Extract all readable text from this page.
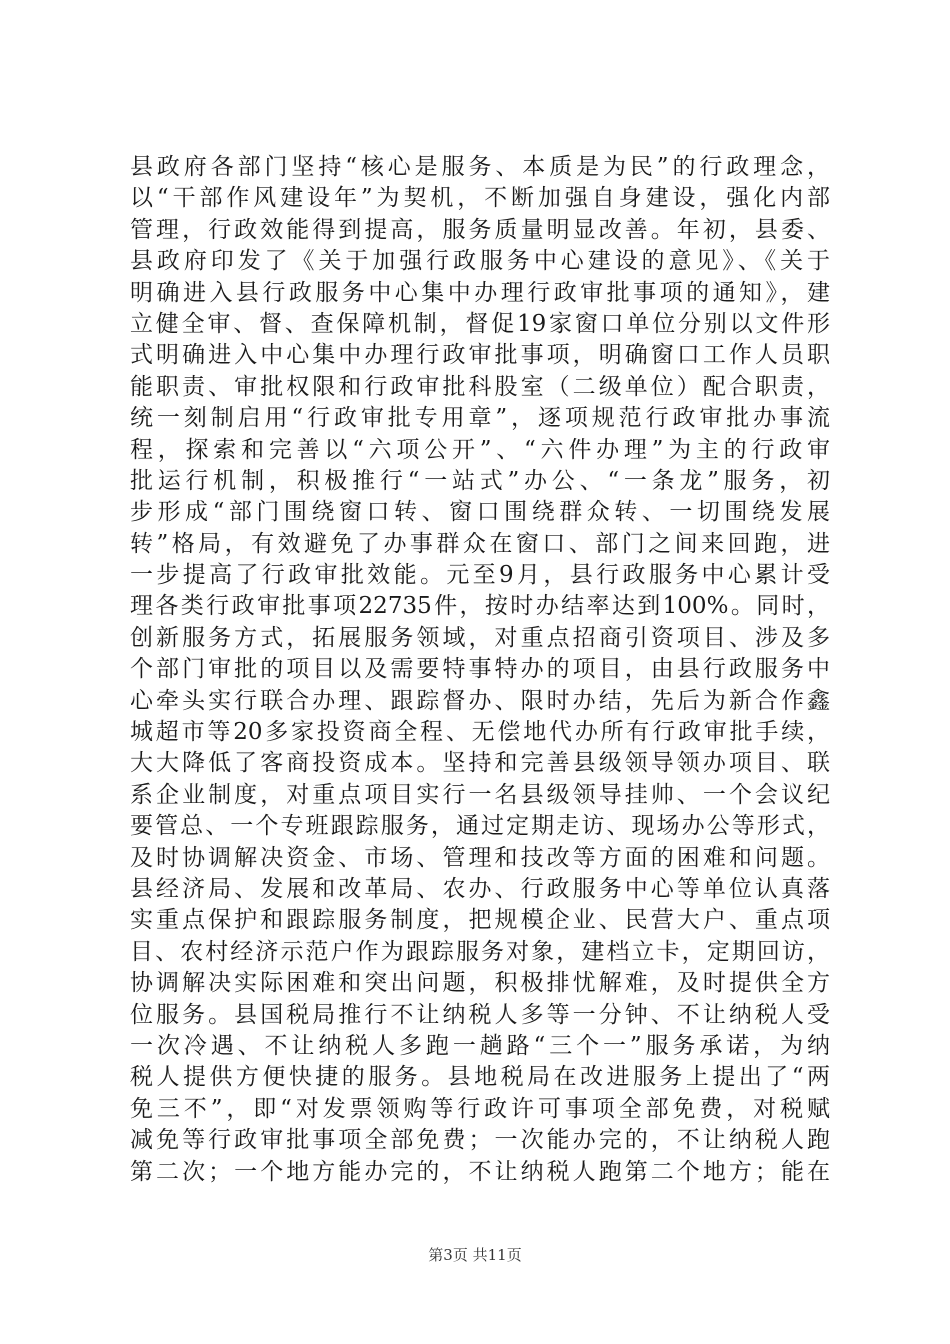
县政府各部门坚持“核心是服务、本质是为民”的行政理念，
以“干部作风建设年”为契机，不断加强自身建设，强化内部
管理，行政效能得到提高，服务质量明显改善。年初，县委、
县政府印发了《关于加强行政服务中心建设的意见》、《关于
明确进入县行政服务中心集中办理行政审批事项的通知》，建
立健全审、督、查保障机制，督促19家窗口单位分别以文件形
式明确进入中心集中办理行政审批事项，明确窗口工作人员职
能职责、审批权限和行政审批科股室（二级单位）配合职责，
统一刻制启用“行政审批专用章”，逐项规范行政审批办事流
程，探索和完善以“六项公开”、“六件办理”为主的行政审
批运行机制，积极推行“一站式”办公、“一条龙”服务，初
步形成“部门围绕窗口转、窗口围绕群众转、一切围绕发展
转”格局，有效避免了办事群众在窗口、部门之间来回跑，进
一步提高了行政审批效能。元至9月，县行政服务中心累计受
理各类行政审批事项22735件，按时办结率达到100%。同时，
创新服务方式，拓展服务领域，对重点招商引资项目、涉及多
个部门审批的项目以及需要特事特办的项目，由县行政服务中
心牵头实行联合办理、跟踪督办、限时办结，先后为新合作鑫
城超市等20多家投资商全程、无偿地代办所有行政审批手续，
大大降低了客商投资成本。坚持和完善县级领导领办项目、联
系企业制度，对重点项目实行一名县级领导挂帅、一个会议纪
要管总、一个专班跟踪服务，通过定期走访、现场办公等形式，
及时协调解决资金、市场、管理和技改等方面的困难和问题。
县经济局、发展和改革局、农办、行政服务中心等单位认真落
实重点保护和跟踪服务制度，把规模企业、民营大户、重点项
目、农村经济示范户作为跟踪服务对象，建档立卡，定期回访，
协调解决实际困难和突出问题，积极排忧解难，及时提供全方
位服务。县国税局推行不让纳税人多等一分钟、不让纳税人受
一次冷遇、不让纳税人多跑一趟路“三个一”服务承诺，为纳
税人提供方便快捷的服务。县地税局在改进服务上提出了“两
免三不”，即“对发票领购等行政许可事项全部免费，对税赋
减免等行政审批事项全部免费；一次能办完的，不让纳税人跑
第二次；一个地方能办完的，不让纳税人跑第二个地方；能在
第3页 共11页
